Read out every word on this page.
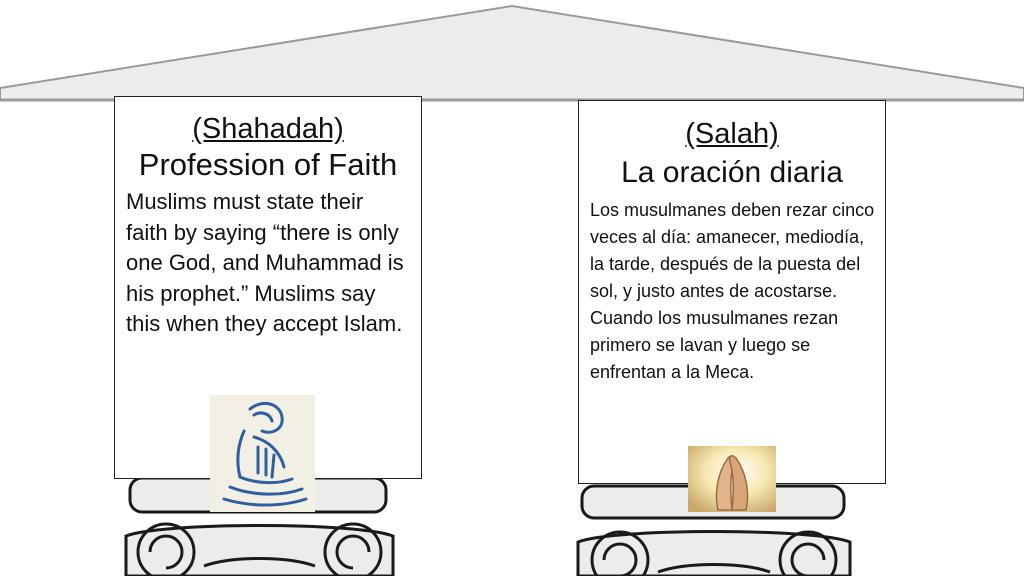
(Shahadah)
Profession of Faith
Muslims must state their faith by saying “there is only one God, and Muhammad is his prophet.” Muslims say this when they accept Islam.
(Salah)
La oración diaria
Los musulmanes deben rezar cinco veces al día: amanecer, mediodía, la tarde, después de la puesta del sol, y justo antes de acostarse. Cuando los musulmanes rezan primero se lavan y luego se enfrentan a la Meca.
